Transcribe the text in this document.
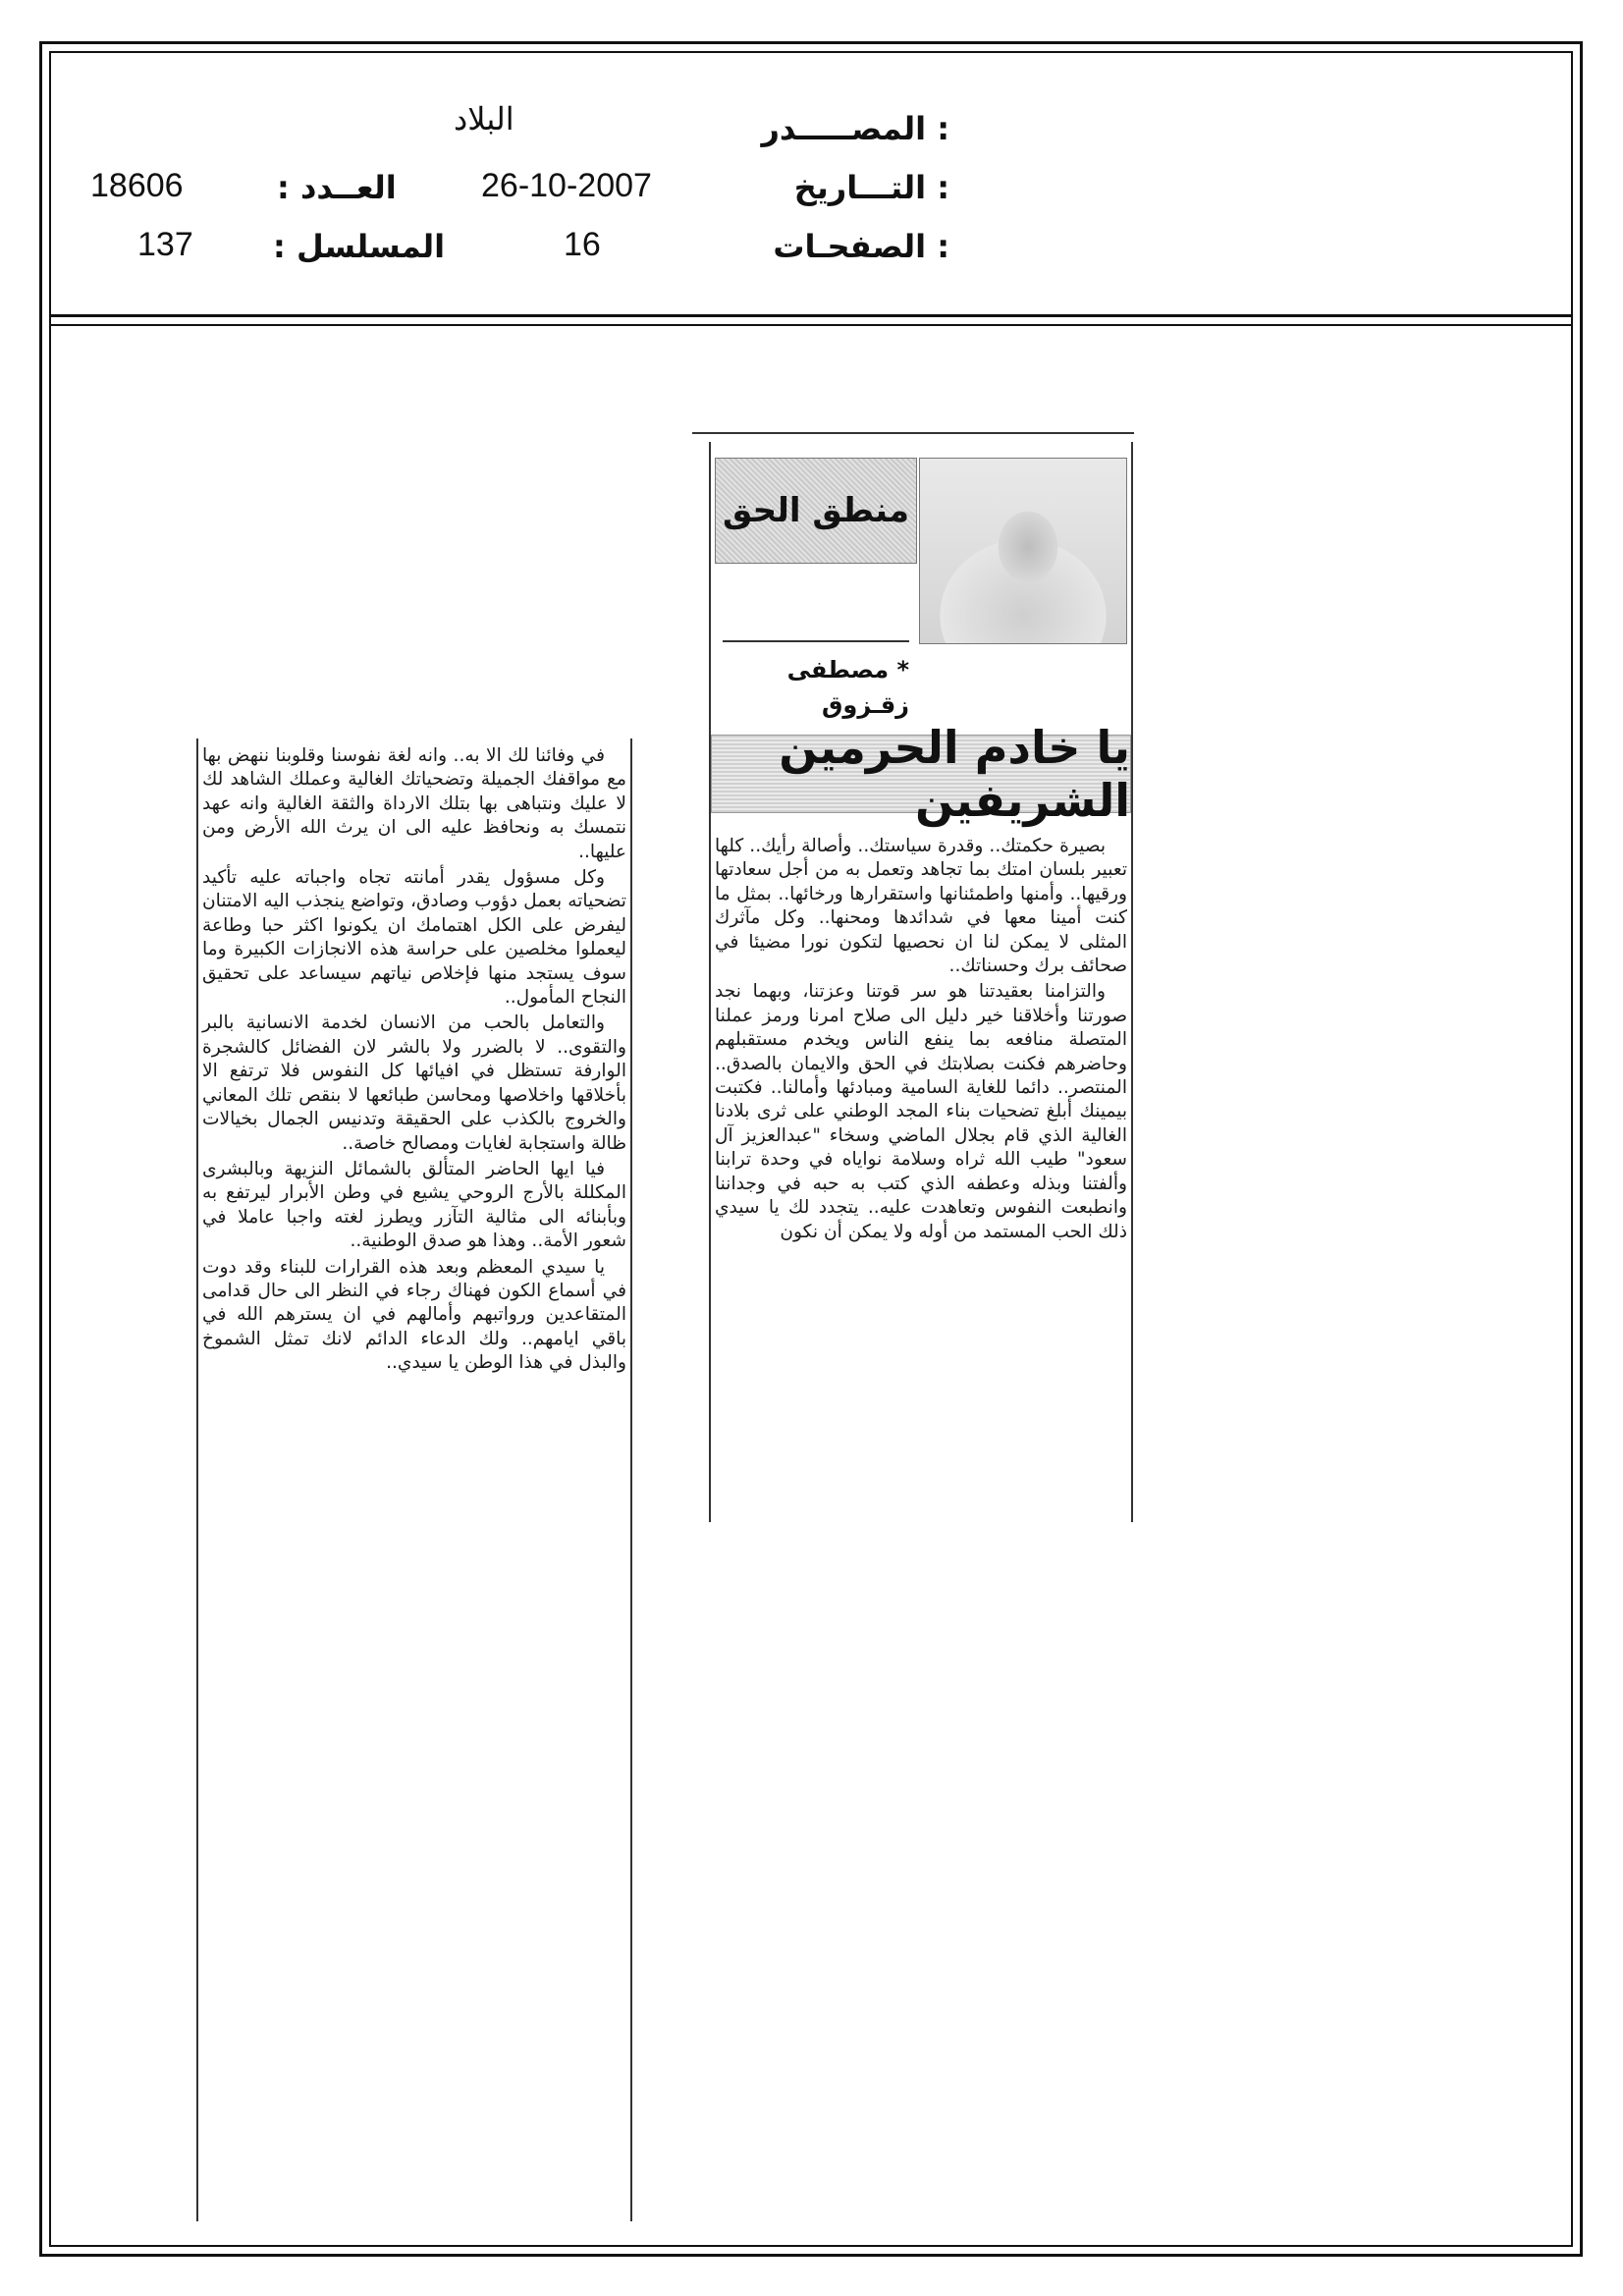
المصـــــدر :
البلاد
التـــاريخ :
26-10-2007
العــدد :
18606
الصفحـات :
16
المسلسل :
137
منطق الحق
* مصطفى
زقـزوق
يا خادم الحرمين الشريفين

بصيرة حكمتك.. وقدرة سياستك.. وأصالة رأيك.. كلها تعبير بلسان امتك بما تجاهد وتعمل به من أجل سعادتها ورقيها.. وأمنها واطمئنانها واستقرارها ورخائها.. بمثل ما كنت أمينا معها في شدائدها ومحنها.. وكل مآثرك المثلى لا يمكن لنا ان نحصيها لتكون نورا مضيئا في صحائف برك وحسناتك..

والتزامنا بعقيدتنا هو سر قوتنا وعزتنا، وبهما نجد صورتنا وأخلاقنا خير دليل الى صلاح امرنا ورمز عملنا المتصلة منافعه بما ينفع الناس ويخدم مستقبلهم وحاضرهم فكنت بصلابتك في الحق والايمان بالصدق.. المنتصر.. دائما للغاية السامية ومبادئها وأمالنا.. فكتبت بيمينك أبلغ تضحيات بناء المجد الوطني على ثرى بلادنا الغالية الذي قام بجلال الماضي وسخاء "عبدالعزيز آل سعود" طيب الله ثراه وسلامة نواياه في وحدة ترابنا وألفتنا وبذله وعطفه الذي كتب به حبه في وجداننا وانطبعت النفوس وتعاهدت عليه.. يتجدد لك يا سيدي ذلك الحب المستمد من أوله ولا يمكن أن نكون

في وفائنا لك الا به.. وانه لغة نفوسنا وقلوبنا ننهض بها مع مواقفك الجميلة وتضحياتك الغالية وعملك الشاهد لك لا عليك ونتباهى بها بتلك الارداة والثقة الغالية وانه عهد نتمسك به ونحافظ عليه الى ان يرث الله الأرض ومن عليها..

وكل مسؤول يقدر أمانته تجاه واجباته عليه تأكيد تضحياته بعمل دؤوب وصادق، وتواضع ينجذب اليه الامتنان ليفرض على الكل اهتمامك ان يكونوا اكثر حبا وطاعة ليعملوا مخلصين على حراسة هذه الانجازات الكبيرة وما سوف يستجد منها فإخلاص نياتهم سيساعد على تحقيق النجاح المأمول..

والتعامل بالحب من الانسان لخدمة الانسانية بالبر والتقوى.. لا بالضرر ولا بالشر لان الفضائل كالشجرة الوارفة تستظل في افيائها كل النفوس فلا ترتفع الا بأخلاقها واخلاصها ومحاسن طبائعها لا بنقص تلك المعاني والخروج بالكذب على الحقيقة وتدنيس الجمال بخيالات ظالة واستجابة لغايات ومصالح خاصة..

فيا ايها الحاضر المتألق بالشمائل النزيهة وبالبشرى المكللة بالأرج الروحي يشيع في وطن الأبرار ليرتفع به وبأبنائه الى مثالية التآزر ويطرز لغته واجبا عاملا في شعور الأمة.. وهذا هو صدق الوطنية..

يا سيدي المعظم وبعد هذه القرارات للبناء وقد دوت في أسماع الكون فهناك رجاء في النظر الى حال قدامى المتقاعدين ورواتبهم وأمالهم في ان يسترهم الله في باقي ايامهم.. ولك الدعاء الدائم لانك تمثل الشموخ والبذل في هذا الوطن يا سيدي..
